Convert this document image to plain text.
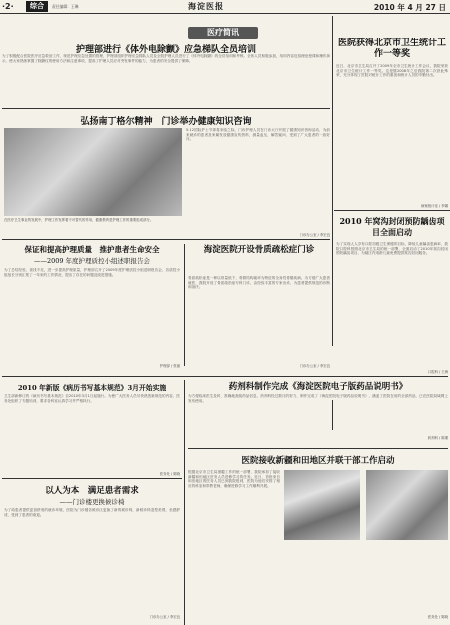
·2·	综合	责任编辑：王琳	海淀医报	2010 年 4 月 27 日
医疗简讯
护理部进行《体外电除颤》应急梯队全员培训
为了积极配合医院医疗应急救治工作，规范护理应急处置的管理，护理部组织护理应急梯队人员及全院护理人员进行了《体外电除颤》的全员培训和考核。全体人员积极参加，培训内容包括理论授课和操作演示，使大家熟练掌握了除颤仪的使用方法和注意事项，提高了护理人员应对突发事件的能力，为患者的安全提供了保障。
弘扬南丁格尔精神　门诊举办健康知识咨询
在医疗卫生事业的发展中，护理工作发挥着不可替代的作用，健康教育是护理工作的重要组成部分。
5.12国际护士节即将来临之际，门诊护理人员在门诊大厅开展了健康知识咨询活动，为前来就诊的患者及家属发放健康宣传资料，测量血压，解答疑问，受到了广大患者的一致好评。
门诊办公室 / 李宏良
医院获得北京市卫生统计工作一等奖
近日，北京市卫生局召开了2009年全市卫生统计工作会议，我院荣获北京市卫生统计工作一等奖。这是继2008年之后我院第二次获此殊荣，充分体现了医院对统计工作的重视和统计人员的辛勤付出。
病案统计室 / 李娜
保证和提高护理质量　推护患者生命安全
——2009 年度护理质控小组述职报告会
为了总结经验，查找不足，进一步提高护理质量，护理部召开了2009年度护理质控小组述职报告会，各质控小组组长分别汇报了一年来的工作情况，提出了存在的问题及改进措施。
护理部 / 张丽
海淀医院开设骨质疏松症门诊
骨质疏松症是一种以骨量低下、骨微结构破坏为特征的全身性骨骼疾病。为方便广大患者就医，我院开设了骨质疏松症专科门诊，由经验丰富的专家出诊，为患者提供规范的诊断和治疗。
门诊办公室 / 李宏良
2010 年窝沟封闭预防龋齿项目全面启动
为了实现人人享有口腔初级卫生保健的目标，降低儿童龋齿患病率，我院口腔科按照北京市卫生局的统一部署，全面启动了2010年窝沟封闭预防龋齿项目，为辖区内适龄儿童免费提供窝沟封闭服务。
口腔科 / 王海
药剂科制作完成《海淀医院电子版药品说明书》
为方便临床医生及时、准确地查阅药品信息，药剂科经过数月的努力，制作完成了《海淀医院电子版药品说明书》，涵盖了医院在用的全部药品，已在医院局域网上发布使用。
药剂科 / 陈瑾
2010 年新版《病历书写基本规范》3月开始实施
卫生部新修订的《病历书写基本规范》自2010年3月1日起施行。为使广大医务人员尽快熟悉新规范的内容，医务处组织了专题培训，要求各科室认真学习并严格执行。
医务处 / 陈晓
以人为本　满足患者需求
——门诊楼更换候诊椅
为了给患者提供更加舒适的就诊环境，医院为门诊楼各候诊区更换了新的候诊椅，新候诊椅造型美观、坐感舒适，受到了患者的欢迎。
门诊办公室 / 李宏良
医院接收新疆和田地区并联干部工作启动
根据北京市卫生局援疆工作的统一部署，我院承担了接收新疆和田地区医务人员进修学习的任务。近日，首批来自和田地区的医务人员已到我院报到，医院为他们安排了相应的科室和带教老师，确保进修学习工作顺利开展。
医务处 / 陈晓
